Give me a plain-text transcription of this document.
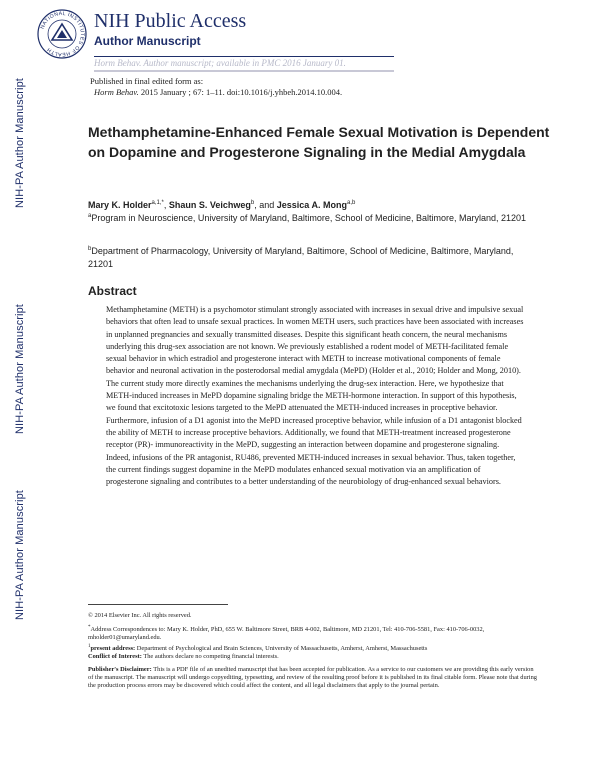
NIH-PA Author Manuscript
NIH-PA Author Manuscript
NIH-PA Author Manuscript
NATIONAL INSTITUTES OF HEALTH
NIH Public Access
Author Manuscript
Horm Behav. Author manuscript; available in PMC 2016 January 01.
Published in final edited form as:
Horm Behav. 2015 January ; 67: 1–11. doi:10.1016/j.yhbeh.2014.10.004.
Methamphetamine-Enhanced Female Sexual Motivation is Dependent on Dopamine and Progesterone Signaling in the Medial Amygdala
Mary K. Holder$^{a,1,*}$, Shaun S. Veichweg$^b$, and Jessica A. Mong$^{a,b}$
$^a$Program in Neuroscience, University of Maryland, Baltimore, School of Medicine, Baltimore, Maryland, 21201
$^b$Department of Pharmacology, University of Maryland, Baltimore, School of Medicine, Baltimore, Maryland, 21201
Abstract
Methamphetamine (METH) is a psychomotor stimulant strongly associated with increases in sexual drive and impulsive sexual behaviors that often lead to unsafe sexual practices. In women METH users, such practices have been associated with increases in unplanned pregnancies and sexually transmitted diseases. Despite this significant heath concern, the neural mechanisms underlying this drug-sex association are not known. We previously established a rodent model of METH-facilitated female sexual behavior in which estradiol and progesterone interact with METH to increase motivational components of female behavior and neuronal activation in the posterodorsal medial amygdala (MePD) (Holder et al., 2010; Holder and Mong, 2010). The current study more directly examines the mechanisms underlying the drug-sex interaction. Here, we hypothesize that METH-induced increases in MePD dopamine signaling bridge the METH-hormone interaction. In support of this hypothesis, we found that excitotoxic lesions targeted to the MePD attenuated the METH-induced increases in proceptive behavior. Furthermore, infusion of a D1 agonist into the MePD increased proceptive behavior, while infusion of a D1 antagonist blocked the ability of METH to increase proceptive behaviors. Additionally, we found that METH-treatment increased progesterone receptor (PR)- immunoreactivity in the MePD, suggesting an interaction between dopamine and progesterone signaling. Indeed, infusions of the PR antagonist, RU486, prevented METH-induced increases in sexual behavior. Thus, taken together, the current findings suggest dopamine in the MePD modulates enhanced sexual motivation via an amplification of progesterone signaling and contributes to a better understanding of the neurobiology of drug-enhanced sexual behaviors.
© 2014 Elsevier Inc. All rights reserved.
*Address Correspondences to: Mary K. Holder, PhD, 655 W. Baltimore Street, BRB 4-002, Baltimore, MD 21201, Tel: 410-706-5581, Fax: 410-706-0032, mholder01@umaryland.edu.
$^1$present address: Department of Psychological and Brain Sciences, University of Massachusetts, Amherst, Amherst, Massachusetts
Conflict of Interest: The authors declare no competing financial interests.
Publisher's Disclaimer: This is a PDF file of an unedited manuscript that has been accepted for publication. As a service to our customers we are providing this early version of the manuscript. The manuscript will undergo copyediting, typesetting, and review of the resulting proof before it is published in its final citable form. Please note that during the production process errors may be discovered which could affect the content, and all legal disclaimers that apply to the journal pertain.
